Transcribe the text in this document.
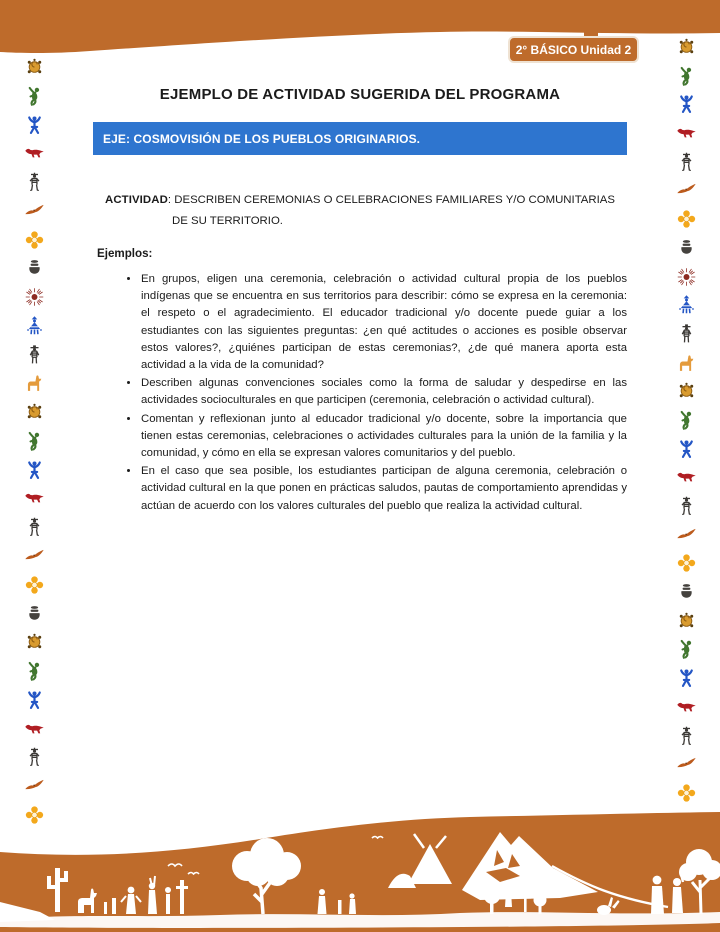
2° BÁSICO Unidad 2
EJEMPLO DE ACTIVIDAD SUGERIDA DEL PROGRAMA
EJE: COSMOVISIÓN DE LOS PUEBLOS ORIGINARIOS.

ACTIVIDAD: DESCRIBEN CEREMONIAS O CELEBRACIONES FAMILIARES Y/O COMUNITARIAS DE SU TERRITORIO.

Ejemplos:

• En grupos, eligen una ceremonia, celebración o actividad cultural propia de los pueblos indígenas que se encuentra en sus territorios para describir: cómo se expresa en la ceremonia: el respeto o el agradecimiento. El educador tradicional y/o docente puede guiar a los estudiantes con las siguientes preguntas: ¿en qué actitudes o acciones es posible observar estos valores?, ¿quiénes participan de estas ceremonias?, ¿de qué manera aporta esta actividad a la vida de la comunidad?
• Describen algunas convenciones sociales como la forma de saludar y despedirse en las actividades socioculturales en que participen (ceremonia, celebración o actividad cultural).
• Comentan y reflexionan junto al educador tradicional y/o docente, sobre la importancia que tienen estas ceremonias, celebraciones o actividades culturales para la unión de la familia y la comunidad, y cómo en ella se expresan valores comunitarios y del pueblo.
• En el caso que sea posible, los estudiantes participan de alguna ceremonia, celebración o actividad cultural en la que ponen en prácticas saludos, pautas de comportamiento aprendidas y actúan de acuerdo con los valores culturales del pueblo que realiza la actividad cultural.
